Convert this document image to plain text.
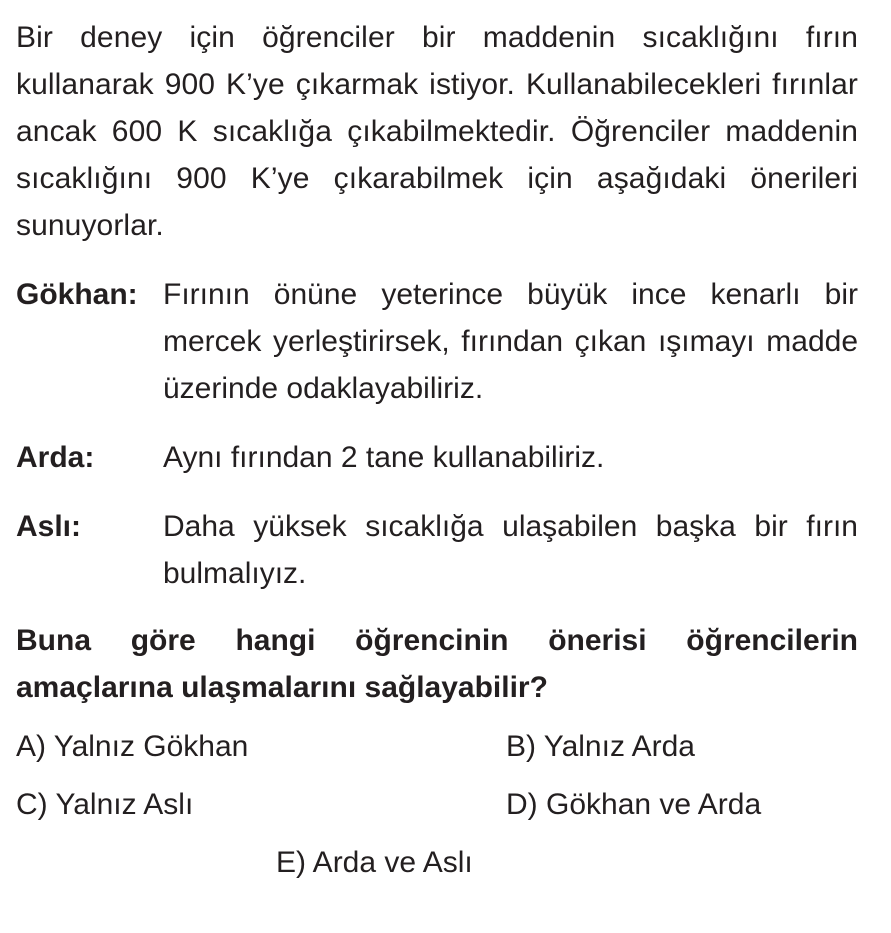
Bir deney için öğrenciler bir maddenin sıcaklığını fırın kullanarak 900 K’ye çıkarmak istiyor. Kullanabilecekleri fırınlar ancak 600 K sıcaklığa çıkabilmektedir. Öğrenciler maddenin sıcaklığını 900 K’ye çıkarabilmek için aşağıdaki önerileri sunuyorlar.

Gökhan: Fırının önüne yeterince büyük ince kenarlı bir mercek yerleştirirsek, fırından çıkan ışımayı madde üzerinde odaklayabiliriz.
Arda:	Aynı fırından 2 tane kullanabiliriz.
Aslı:	Daha yüksek sıcaklığa ulaşabilen başka bir fırın bulmalıyız.

Buna göre hangi öğrencinin önerisi öğrencilerin amaçlarına ulaşmalarını sağlayabilir?

A) Yalnız Gökhan	B) Yalnız Arda
C) Yalnız Aslı	D) Gökhan ve Arda
E) Arda ve Aslı
